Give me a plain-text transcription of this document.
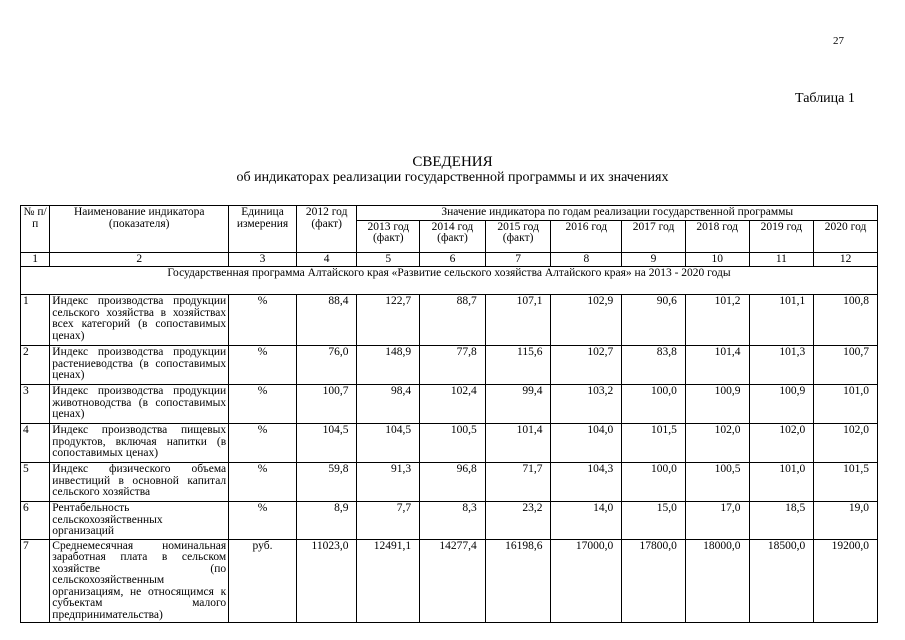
27
Таблица 1
СВЕДЕНИЯ
об индикаторах реализации государственной программы и их значениях
№ п/п	Наименование индикатора (показателя)	Единица измерения	2012 год (факт)	Значение индикатора по годам реализации государственной программы							
				2013 год (факт)	2014 год (факт)	2015 год (факт)	2016 год	2017 год	2018 год	2019 год	2020 год
1	2	3	4	5	6	7	8	9	10	11	12
Государственная программа Алтайского края «Развитие сельского хозяйства Алтайского края» на 2013 - 2020 годы											
1	Индекс производства продукции сельского хозяйства в хозяйствах всех категорий (в сопоставимых ценах)	%	88,4	122,7	88,7	107,1	102,9	90,6	101,2	101,1	100,8
2	Индекс производства продукции растениеводства (в сопоставимых ценах)	%	76,0	148,9	77,8	115,6	102,7	83,8	101,4	101,3	100,7
3	Индекс производства продукции животноводства (в сопоставимых ценах)	%	100,7	98,4	102,4	99,4	103,2	100,0	100,9	100,9	101,0
4	Индекс производства пищевых продуктов, включая напитки (в сопоставимых ценах)	%	104,5	104,5	100,5	101,4	104,0	101,5	102,0	102,0	102,0
5	Индекс физического объема инвестиций в основной капитал сельского хозяйства	%	59,8	91,3	96,8	71,7	104,3	100,0	100,5	101,0	101,5
6	Рентабельность сельскохозяйственных организаций	%	8,9	7,7	8,3	23,2	14,0	15,0	17,0	18,5	19,0
7	Среднемесячная номинальная заработная плата в сельском хозяйстве (по сельскохозяйственным организациям, не относящимся к субъектам малого предпринимательства)	руб.	11023,0	12491,1	14277,4	16198,6	17000,0	17800,0	18000,0	18500,0	19200,0
